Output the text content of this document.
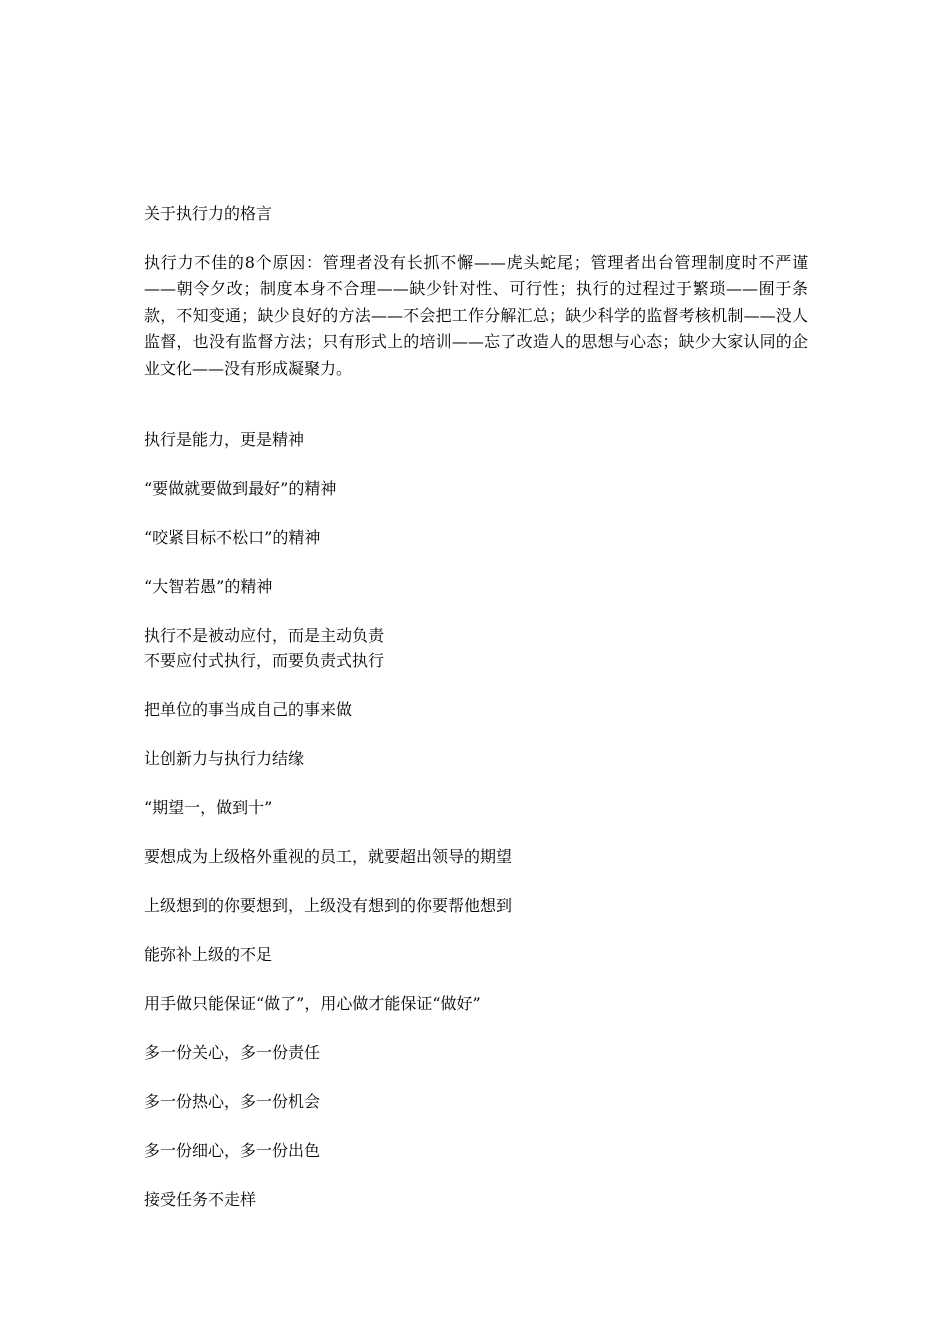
关于执行力的格言

执行力不佳的8个原因：管理者没有长抓不懈——虎头蛇尾；管理者出台管理制度时不严谨——朝令夕改；制度本身不合理——缺少针对性、可行性；执行的过程过于繁琐——囿于条款，不知变通；缺少良好的方法——不会把工作分解汇总；缺少科学的监督考核机制——没人监督，也没有监督方法；只有形式上的培训——忘了改造人的思想与心态；缺少大家认同的企业文化——没有形成凝聚力。

执行是能力，更是精神

“要做就要做到最好”的精神

“咬紧目标不松口”的精神

“大智若愚”的精神

执行不是被动应付，而是主动负责

不要应付式执行，而要负责式执行

把单位的事当成自己的事来做

让创新力与执行力结缘

“期望一，做到十”

要想成为上级格外重视的员工，就要超出领导的期望

上级想到的你要想到，上级没有想到的你要帮他想到

能弥补上级的不足

用手做只能保证“做了”，用心做才能保证“做好”

多一份关心，多一份责任

多一份热心，多一份机会

多一份细心，多一份出色

接受任务不走样
